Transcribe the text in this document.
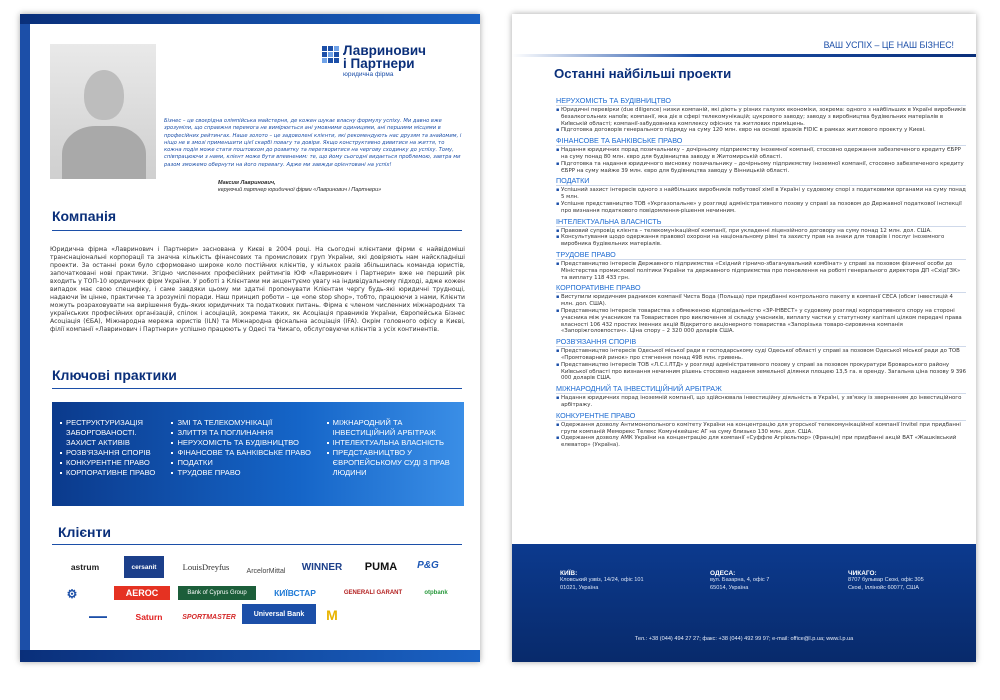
Лавринович
і Партнери
юридична фірма
Бізнес – це своєрідна олімпійська майстерня, де кожен шукає власну формулу успіху. Ми давно вже зрозуміли, що справжня перемога не вимірюється ані умовними одиницями, ані першими місцями в професійних рейтингах. Наше золото – це задоволені клієнти, які рекомендують нас друзям та знайомим, і ніщо не в змозі применшити цієї скарбі повагу та довіри. Якщо конструктивно дивитися на життя, то кожна подія може стати поштовхом до розвитку та перетворитися на чергову сходинку до успіху. Тому, співпрацюючи з нами, клієнт може бути впевненим: те, що йому сьогодні видається проблемою, завтра ми разом зможемо обернути на його перевагу. Адже ми завжди орієнтовані на успіх!
Максим Лавринович,
керуючий партнер юридичної фірми «Лавринович і Партнери»
Компанія
Юридична фірма «Лавринович і Партнери» заснована у Києві в 2004 році. На сьогодні клієнтами фірми є найвідоміші транснаціональні корпорації та значна кількість фінансових та промислових груп України, які довіряють нам найскладніші проекти. За останні роки було сформовано широке коло постійних клієнтів, у кількох разів збільшилась команда юристів, започатковані нові практики. Згідно численних професійних рейтингів ЮФ «Лавринович і Партнери» вже не перший рік входить у ТОП-10 юридичних фірм України. У роботі з Клієнтами ми акцентуємо увагу на індивідуальному підході, адже кожен випадок має свою специфіку, і саме завдяки цьому ми здатні пропонувати Клієнтам чергу будь-які юридичні труднощі, надаючи їм цінне, практичне та зрозумілі поради. Наш принцип роботи – це «one stop shop», тобто, працюючи з нами, Клієнти можуть розраховувати на вирішення будь-яких юридичних та податкових питань. Фірма є членом численних міжнародних та українських професійних організацій, спілок і асоціацій, зокрема таких, як Асоціація правників України, Європейська Бізнес Асоціація (ЄБА), Міжнародна мережа юристів (ILN) та Міжнародна фіскальна асоціація (IFA). Окрім головного офісу в Києві, філії компанії «Лавринович і Партнери» успішно працюють у Одесі та Чикаго, обслуговуючи клієнтів з усіх континентів.
Ключові практики
РЕСТРУКТУРИЗАЦІЯ ЗАБОРГОВАНОСТІ. ЗАХИСТ АКТИВІВ
РОЗВ'ЯЗАННЯ СПОРІВ
КОНКУРЕНТНЕ ПРАВО
КОРПОРАТИВНЕ ПРАВО
ЗМІ ТА ТЕЛЕКОМУНІКАЦІЇ
ЗЛИТТЯ ТА ПОГЛИНАННЯ
НЕРУХОМІСТЬ ТА БУДІВНИЦТВО
ФІНАНСОВЕ ТА БАНКІВСЬКЕ ПРАВО
ПОДАТКИ
ТРУДОВЕ ПРАВО
МІЖНАРОДНИЙ ТА ІНВЕСТИЦІЙНИЙ АРБІТРАЖ
ІНТЕЛЕКТУАЛЬНА ВЛАСНІСТЬ
ПРЕДСТАВНИЦТВО У ЄВРОПЕЙСЬКОМУ СУДІ З ПРАВ ЛЮДИНИ
Клієнти
astrum	cersanit	LouisDreyfus	ArcelorMittal	WINNER	PUMA	P&G
⚙	AEROC	Bank of Cyprus Group	КИЇВСТАР	GENERALI GARANT	otpbank
▬▬▬	Saturn	SPORTMASTER	Universal Bank	M
ВАШ УСПІХ – ЦЕ НАШ БІЗНЕС!
Останні найбільші проекти
НЕРУХОМІСТЬ ТА БУДІВНИЦТВО
▪ Юридичні перевірки (due diligence) низки компаній, які діють у різних галузях економіки, зокрема: одного з найбільших в Україні виробників безалкогольних напоїв; компанії, яка діє в сфері телекомунікацій; цукрового заводу; заводу з виробництва будівельних матеріалів в Київській області; компанії-забудовника комплексу офісних та житлових приміщень.
▪ Підготовка договорів генерального підряду на суму 120 млн. євро на основі зразків FIDIC в рамках житлового проекту у Києві.
ФІНАНСОВЕ ТА БАНКІВСЬКЕ ПРАВО
▪ Надання юридичних порад позичальнику – дочірньому підприємству іноземної компанії, стосовно одержання забезпеченого кредиту ЄБРР на суму понад 80 млн. євро для будівництва заводу в Житомирській області.
▪ Підготовка та надання юридичного висновку позичальнику – дочірньому підприємству іноземної компанії, стосовно забезпеченого кредиту ЄБРР на суму майже 39 млн. євро для будівництва заводу у Вінницькій області.
ПОДАТКИ
▪ Успішний захист інтересів одного з найбільших виробників побутової хімії в Україні у судовому спорі з податковими органами на суму понад 5 млн.
▪ Успішне представництво ТОВ «Укргазопальне» у розгляді адміністративного позову у справі за позовом до Державної податкової інспекції про визнання податкового повідомлення-рішення нечинним.
ІНТЕЛЕКТУАЛЬНА ВЛАСНІСТЬ
▪ Правовий супровід клієнта – телекомунікаційної компанії, при укладенні ліцензійного договору на суму понад 12 млн. дол. США.
▪ Консультування щодо одержання правової охорони на національному рівні та захисту прав на знаки для товарів і послуг іноземного виробника будівельних матеріалів.
ТРУДОВЕ ПРАВО
▪ Представництво інтересів Державного підприємства «Східний гірничо-збагачувальний комбінат» у справі за позовом фізичної особи до Міністерства промислової політики України та державного підприємства про поновлення на роботі генерального директора ДП «СхідГЗК» та виплату 118 433 грн.
КОРПОРАТИВНЕ ПРАВО
▪ Виступили юридичним радником компанії Чиста Вода (Польща) при придбанні контрольного пакету в компанії CECA (обсяг інвестицій 4 млн. дол. США).
▪ Представництво інтересів товариства з обмеженою відповідальністю «ЗР-ІНВЕСТ» у судовому розгляді корпоративного спору на стороні учасника між учасником та Товариством про виключення зі складу учасників, виплату частки у статутному капіталі цілком передачі права власності 106 432 простих іменних акцій Відкритого акціонерного товариства «Запорізька товаро-сировинна компанія «Запоріжголовпостач». Ціна спору – 2 320 000 доларів США.
РОЗВ'ЯЗАННЯ СПОРІВ
▪ Представництво інтересів Одеської міської ради в господарському суді Одеської області у справі за позовом Одеської міської ради до ТОВ «Промтоварний ринок» про стягнення понад 498 млн. гривень.
▪ Представництво інтересів ТОВ «Л.С.І.ЛТД» у розгляді адміністративного позову у справі за позовом прокуратури Броварського району Київської області про визнання нечинним рішень стосовно надання земельної ділянки площею 13,5 га. в оренду. Загальна ціна позову 9 396 000 доларів США.
МІЖНАРОДНИЙ ТА ІНВЕСТИЦІЙНИЙ АРБІТРАЖ
▪ Надання юридичних порад іноземній компанії, що здійснювала інвестиційну діяльність в Україні, у зв'язку із зверненням до інвестиційного арбітражу.
КОНКУРЕНТНЕ ПРАВО
▪ Одержання дозволу Антимонопольного комітету України на концентрацію для угорської телекомунікаційної компанії Invitel при придбанні групи компаній Мемореκс Телекс Комунікейшнс АГ на суму близько 130 млн. дол. США.
▪ Одержання дозволу АМК України на концентрацію для компанії «Суффле Агріюльтюр» (Франція) при придбанні акцій ВАТ «Жашківський елеватор» (Україна).
КИЇВ:
Кловський узвіз, 14/24, офіс 101
01021, Україна
ОДЕСА:
вул. Базарна, 4, офіс 7
65014, Україна
ЧИКАГО:
8707 бульвар Скокі, офіс 305
Скокі, Іллінойс 60077, США
Тел.: +38 (044) 494 27 27; факс: +38 (044) 492 99 97; e-mail: office@l.p.ua; www.l.p.ua
